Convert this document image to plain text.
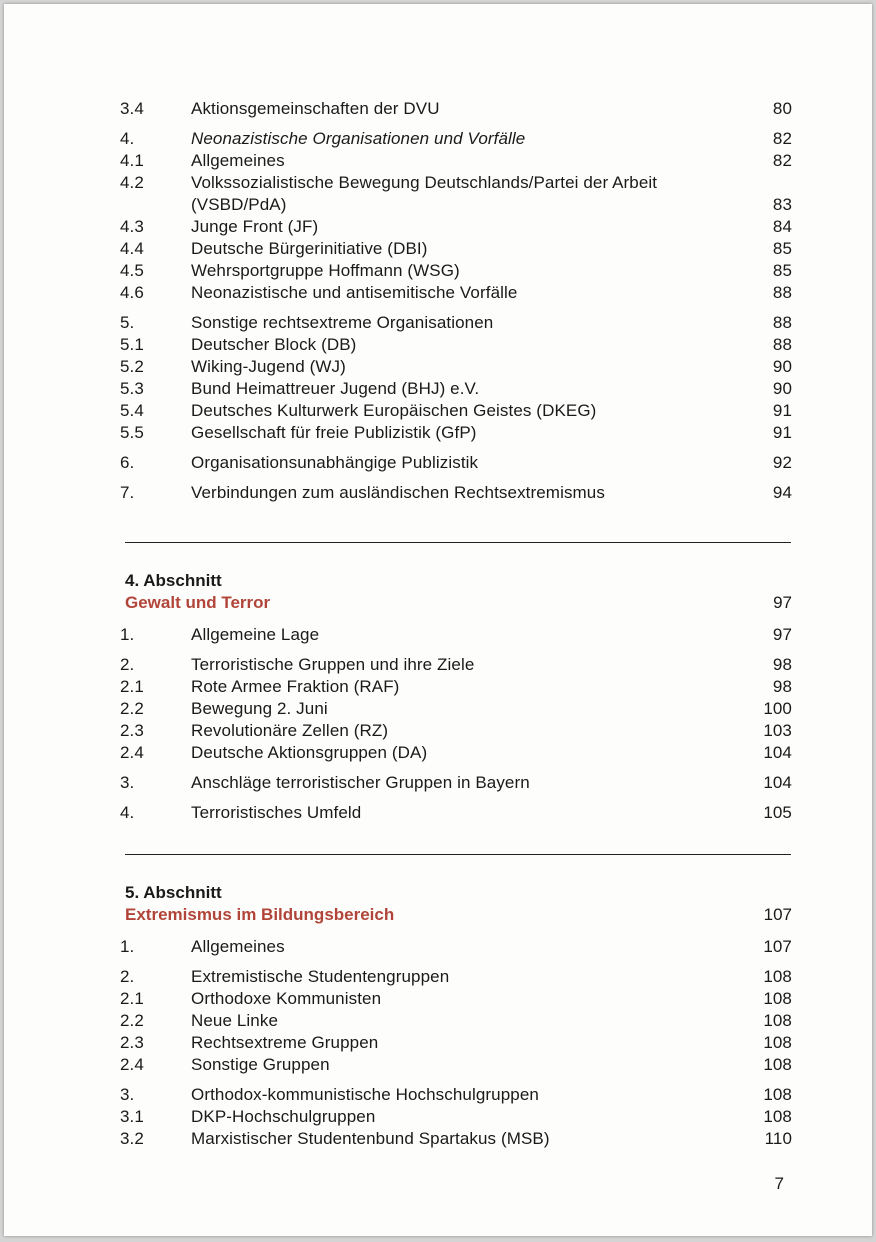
3.4	Aktionsgemeinschaften der DVU	80
4.	Neonazistische Organisationen und Vorfälle	82
4.1	Allgemeines	82
4.2	Volkssozialistische Bewegung Deutschlands/Partei der Arbeit (VSBD/PdA)	83
4.3	Junge Front (JF)	84
4.4	Deutsche Bürgerinitiative (DBI)	85
4.5	Wehrsportgruppe Hoffmann (WSG)	85
4.6	Neonazistische und antisemitische Vorfälle	88
5.	Sonstige rechtsextreme Organisationen	88
5.1	Deutscher Block (DB)	88
5.2	Wiking-Jugend (WJ)	90
5.3	Bund Heimattreuer Jugend (BHJ) e.V.	90
5.4	Deutsches Kulturwerk Europäischen Geistes (DKEG)	91
5.5	Gesellschaft für freie Publizistik (GfP)	91
6.	Organisationsunabhängige Publizistik	92
7.	Verbindungen zum ausländischen Rechtsextremismus	94
4. Abschnitt
Gewalt und Terror	97
1.	Allgemeine Lage	97
2.	Terroristische Gruppen und ihre Ziele	98
2.1	Rote Armee Fraktion (RAF)	98
2.2	Bewegung 2. Juni	100
2.3	Revolutionäre Zellen (RZ)	103
2.4	Deutsche Aktionsgruppen (DA)	104
3.	Anschläge terroristischer Gruppen in Bayern	104
4.	Terroristisches Umfeld	105
5. Abschnitt
Extremismus im Bildungsbereich	107
1.	Allgemeines	107
2.	Extremistische Studentengruppen	108
2.1	Orthodoxe Kommunisten	108
2.2	Neue Linke	108
2.3	Rechtsextreme Gruppen	108
2.4	Sonstige Gruppen	108
3.	Orthodox-kommunistische Hochschulgruppen	108
3.1	DKP-Hochschulgruppen	108
3.2	Marxistischer Studentenbund Spartakus (MSB)	110
7
